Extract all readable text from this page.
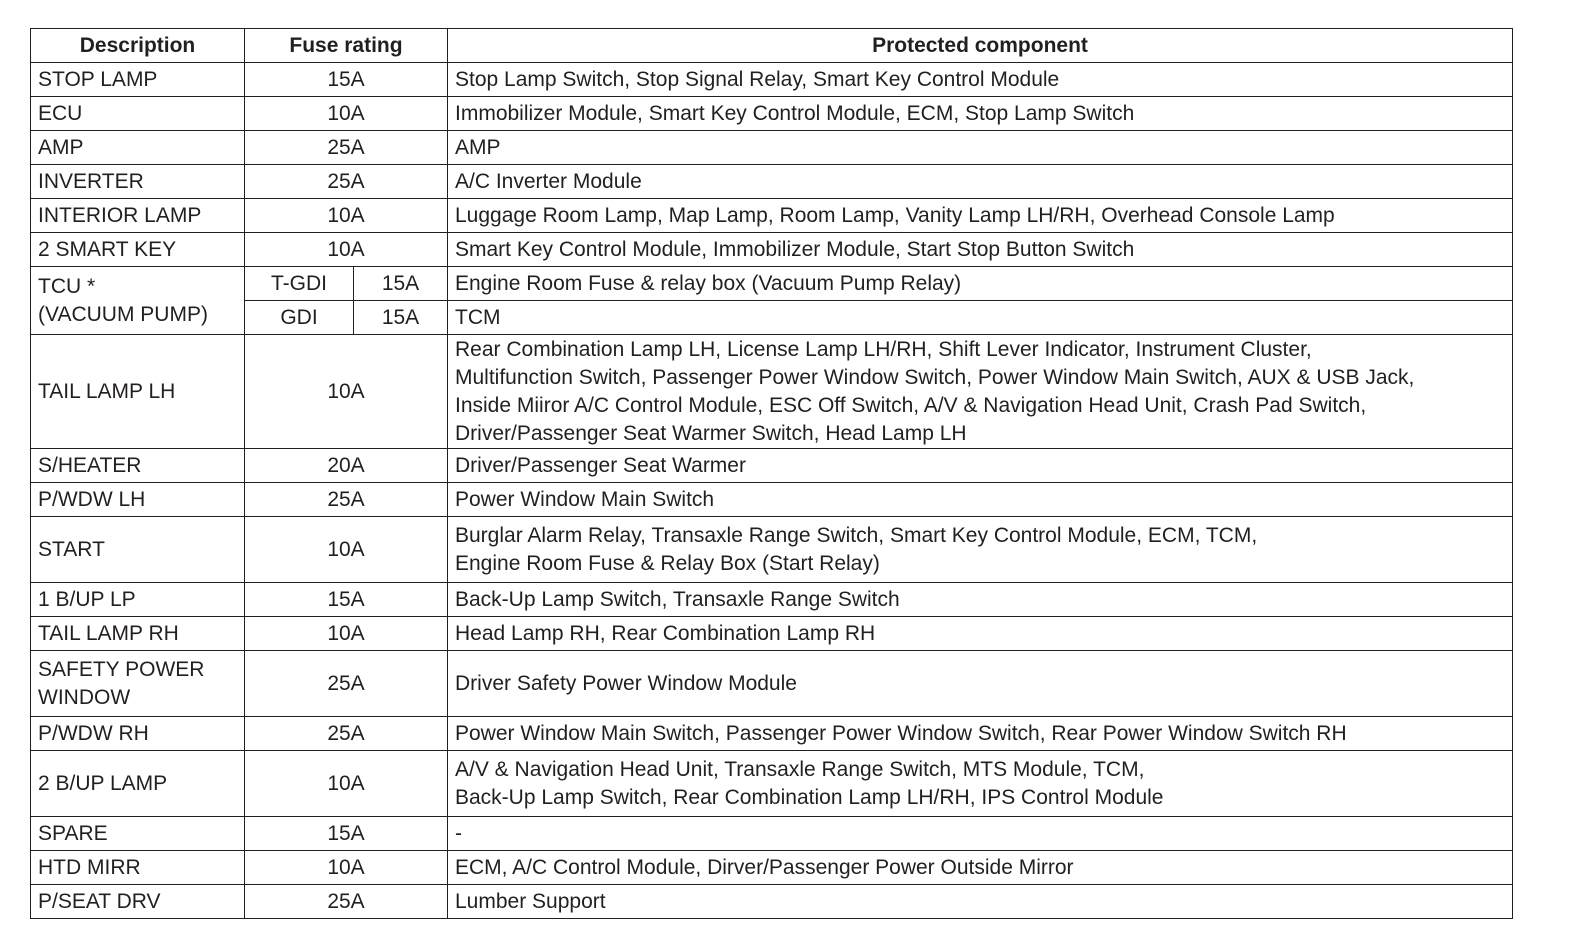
Description	Fuse rating		Protected component
STOP LAMP	15A		Stop Lamp Switch, Stop Signal Relay, Smart Key Control Module
ECU	10A		Immobilizer Module, Smart Key Control Module, ECM, Stop Lamp Switch
AMP	25A		AMP
INVERTER	25A		A/C Inverter Module
INTERIOR LAMP	10A		Luggage Room Lamp, Map Lamp, Room Lamp, Vanity Lamp LH/RH, Overhead Console Lamp
2 SMART KEY	10A		Smart Key Control Module, Immobilizer Module, Start Stop Button Switch

TCU *
(VACUUM PUMP)	T-GDI	15A	Engine Room Fuse & relay box (Vacuum Pump Relay)
	GDI	15A	TCM
TAIL LAMP LH	10A		Rear Combination Lamp LH, License Lamp LH/RH, Shift Lever Indicator, Instrument Cluster,
Multifunction Switch, Passenger Power Window Switch, Power Window Main Switch, AUX & USB Jack,
Inside Miiror A/C Control Module, ESC Off Switch, A/V & Navigation Head Unit, Crash Pad Switch,
Driver/Passenger Seat Warmer Switch, Head Lamp LH

S/HEATER	20A		Driver/Passenger Seat Warmer
P/WDW LH	25A		Power Window Main Switch
START	10A		Burglar Alarm Relay, Transaxle Range Switch, Smart Key Control Module, ECM, TCM,
Engine Room Fuse & Relay Box (Start Relay)

1 B/UP LP	15A		Back-Up Lamp Switch, Transaxle Range Switch
TAIL LAMP RH	10A		Head Lamp RH, Rear Combination Lamp RH

SAFETY POWER
WINDOW	25A		Driver Safety Power Window Module
P/WDW RH	25A		Power Window Main Switch, Passenger Power Window Switch, Rear Power Window Switch RH
2 B/UP LAMP	10A		A/V & Navigation Head Unit, Transaxle Range Switch, MTS Module, TCM,
Back-Up Lamp Switch, Rear Combination Lamp LH/RH, IPS Control Module

SPARE	15A		-
HTD MIRR	10A		ECM, A/C Control Module, Dirver/Passenger Power Outside Mirror
P/SEAT DRV	25A		Lumber Support
